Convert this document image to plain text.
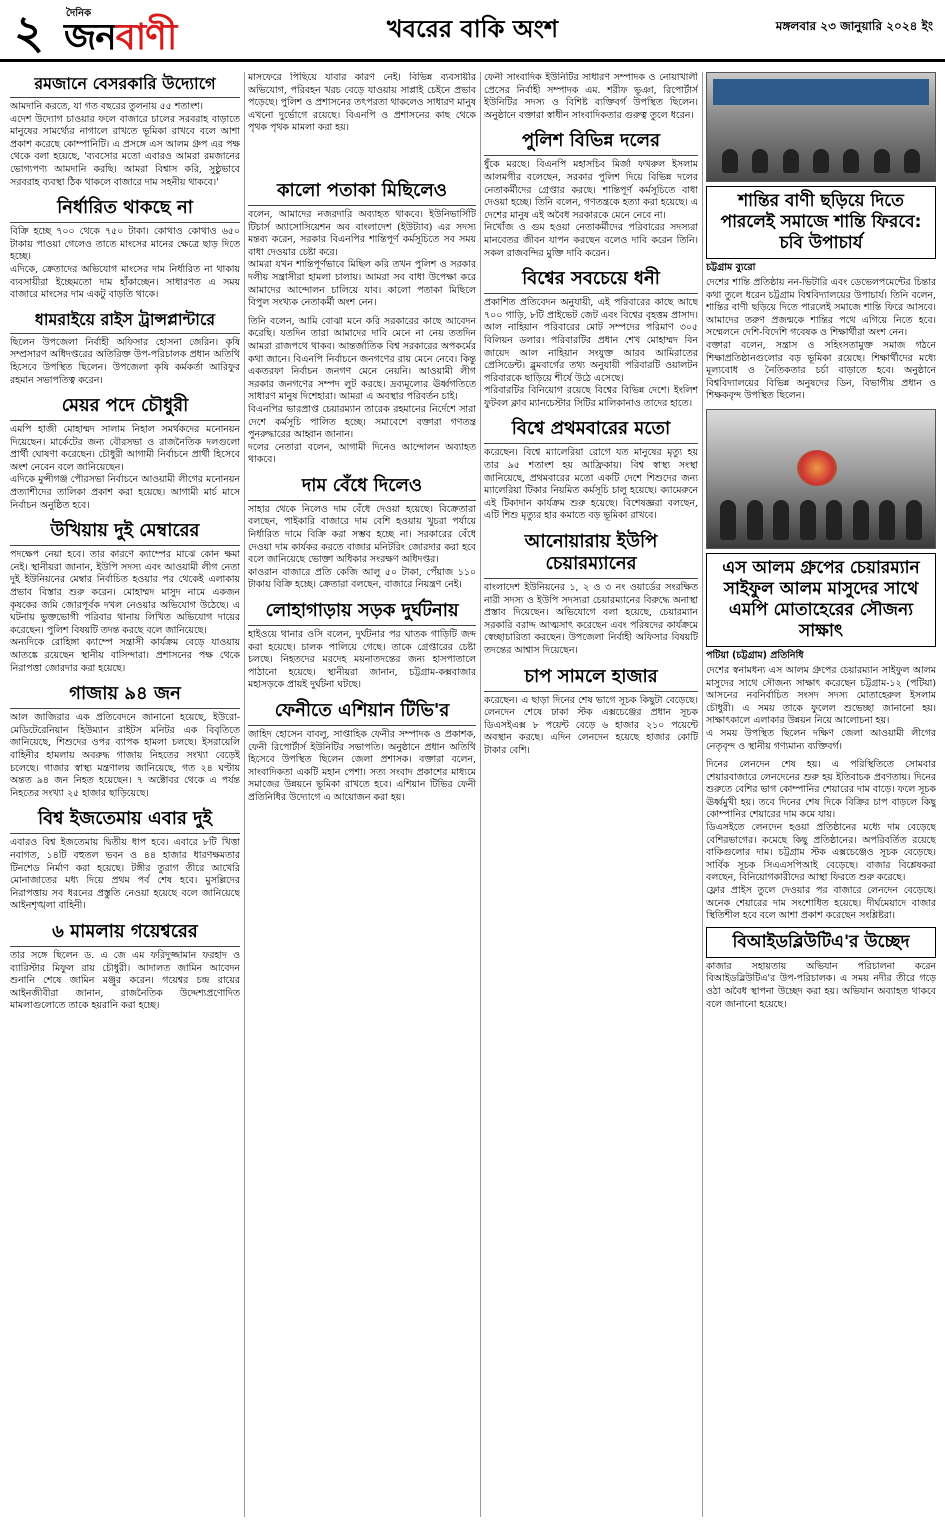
২ দৈনিক
জনবাণী	খবরের বাকি অংশ	মঙ্গলবার ২৩ জানুয়ারি ২০২৪ ইং
রমজানে বেসরকারি উদ্যোগে

আমদানি করতে, যা গত বছরের তুলনায় ৫৫ শতাংশ।
এদেশ উদ্যোগ চাওয়ার ফলে বাজারে চালের সরবরাহ বাড়াতে মানুষের সামর্থ্যের নাগালে রাখতে ভূমিকা রাখবে বলে আশা প্রকাশ করেছে কোম্পানিটি। এ প্রসঙ্গে এস আলম গ্রুপ এর পক্ষ থেকে বলা হয়েছে, 'ব্যবসাের মতো এবারও আমরা রমজানের ভোগ্যপণ্য আমদানি করছি। আমরা বিশ্বাস করি, সুষ্ঠুভাবে সরবরাহ ব্যবস্থা ঠিক থাকলে বাজারে দাম সহনীয় থাকবে।'

নির্ধারিত থাকছে না

বিক্রি হচ্ছে ৭০০ থেকে ৭৫০ টাকা। কোথাও কোথাও ৬৫০ টাকায় পাওয়া গেলেও তাতে মাংসের মানের ক্ষেত্রে ছাড় দিতে হচ্ছে।
এদিকে, ক্রেতাদের অভিযোগ মাংসের দাম নির্ধারিত না থাকায় ব্যবসায়ীরা ইচ্ছেমতো দাম হাঁকাচ্ছেন। সাধারণত এ সময় বাজারে মাংসের দাম একটু বাড়তি থাকে।

ধামরাইয়ে রাইস ট্রান্সপ্লান্টারে

ছিলেন উপজেলা নির্বাহী অফিসার হোসনা জেরিন। কৃষি সম্প্রসারণ অধিদপ্তরের অতিরিক্ত উপ-পরিচালক প্রধান অতিথি হিসেবে উপস্থিত ছিলেন। উপজেলা কৃষি কর্মকর্তা আরিফুর রহমান সভাপতিত্ব করেন।

মেয়র পদে চৌধুরী

এমপি হাজী মোহাম্মদ সালাম নিহাল সমর্থকদের মনোনয়ন দিয়েছেন। মার্কেটের জন্য বৌরসভা ও রাজনৈতিক দলগুলো প্রার্থী ঘোষণা করেছেন। চৌধুরী আগামী নির্বাচনে প্রার্থী হিসেবে অংশ নেবেন বলে জানিয়েছেন।
এদিকে মুন্সীগঞ্জ পৌরসভা নির্বাচনে আওয়ামী লীগের মনোনয়ন প্রত্যাশীদের তালিকা প্রকাশ করা হয়েছে। আগামী মার্চ মাসে নির্বাচন অনুষ্ঠিত হবে।

উখিয়ায় দুই মেম্বারের

পদক্ষেপ নেয়া হবে। তার কারণে ক্যাম্পের মাঝে কোন ক্ষমা নেই। স্থানীয়রা জানান, ইউপি সদস্য এবং আওয়ামী লীগ নেতা দুই ইউনিয়নের মেম্বার নির্বাচিত হওয়ার পর থেকেই এলাকায় প্রভাব বিস্তার শুরু করেন। মোহাম্মদ মাসুদ নামে একজন কৃষকের জমি জোরপূর্বক দখল নেওয়ার অভিযোগ উঠেছে। এ ঘটনায় ভুক্তভোগী পরিবার থানায় লিখিত অভিযোগ দায়ের করেছেন। পুলিশ বিষয়টি তদন্ত করছে বলে জানিয়েছে।
অন্যদিকে রোহিঙ্গা ক্যাম্পে সন্ত্রাসী কার্যক্রম বেড়ে যাওয়ায় আতঙ্কে রয়েছেন স্থানীয় বাসিন্দারা। প্রশাসনের পক্ষ থেকে নিরাপত্তা জোরদার করা হয়েছে।

গাজায় ৯৪ জন

আল জাজিরার এক প্রতিবেদনে জানানো হয়েছে, ইউরো-মেডিটেরেনিয়ান হিউম্যান রাইটস মনিটর এক বিবৃতিতে জানিয়েছে, শিশুদের ওপর ব্যাপক হামলা চলছে। ইসরায়েলি বাহিনীর হামলায় অবরুদ্ধ গাজায় নিহতের সংখ্যা বেড়েই চলেছে। গাজার স্বাস্থ্য মন্ত্রণালয় জানিয়েছে, গত ২৪ ঘণ্টায় অন্তত ৯৪ জন নিহত হয়েছেন। ৭ অক্টোবর থেকে এ পর্যন্ত নিহতের সংখ্যা ২৫ হাজার ছাড়িয়েছে।

বিশ্ব ইজতেমায় এবার দুই

এবারও বিশ্ব ইজতেমায় দ্বিতীয় ধাপ হবে। এবারে ৮টি খিত্তা নবাগত, ১৪টি বহুতল ভবন ও ৪৪ হাজার ধারণক্ষমতার টিনশেড নির্মাণ করা হয়েছে। টঙ্গীর তুরাগ তীরে আখেরি মোনাজাতের মধ্য দিয়ে প্রথম পর্ব শেষ হবে। মুসল্লিদের নিরাপত্তায় সব ধরনের প্রস্তুতি নেওয়া হয়েছে বলে জানিয়েছে আইনশৃঙ্খলা বাহিনী।

৬ মামলায় গয়েশ্বরের

তার সঙ্গে ছিলেন ড. এ জে এম ফরিদুজ্জামান ফরহাদ ও ব্যারিস্টার মিফুল রায় চৌধুরী। আদালত জামিন আবেদন শুনানি শেষে জামিন মঞ্জুর করেন। গয়েশ্বর চন্দ্র রায়ের আইনজীবীরা জানান, রাজনৈতিক উদ্দেশ্যপ্রণোদিত মামলাগুলোতে তাকে হয়রানি করা হচ্ছে।

মাসফেরে পিছিয়ে যাবার কারণ নেই। বিভিন্ন ব্যবসায়ীর অভিযোগ, পরিবহন খরচ বেড়ে যাওয়ায় সাপ্লাই চেইনে প্রভাব পড়েছে। পুলিশ ও প্রশাসনের তৎপরতা থাকলেও সাধারণ মানুষ এখনো দুর্ভোগে রয়েছে। বিএনপি ও প্রশাসনের কাছ থেকে পৃথক পৃথক মামলা করা হয়।

কালো পতাকা মিছিলেও

বলেন, আমাদের নজরদারি অব্যাহত থাকবে। ইউনিভার্সিটি টিচার্স অ্যাসোসিয়েশন অব বাংলাদেশ (ইউট্যাব) এর সদস্য মন্তব্য করেন, সরকার বিএনপির শান্তিপূর্ণ কর্মসূচিতে সব সময় বাধা দেওয়ার চেষ্টা করে।
আমরা যখন শান্তিপূর্ণভাবে মিছিল করি তখন পুলিশ ও সরকার দলীয় সন্ত্রাসীরা হামলা চালায়। আমরা সব বাধা উপেক্ষা করে আমাদের আন্দোলন চালিয়ে যাব। কালো পতাকা মিছিলে বিপুল সংখ্যক নেতাকর্মী অংশ নেন।

তিনি বলেন, আমি বোঝা মনে করি সরকারের কাছে আবেদন করেছি। যতদিন তারা আমাদের দাবি মেনে না নেয় ততদিন আমরা রাজপথে থাকব। আন্তর্জাতিক বিশ্ব সরকারের অপকর্মের কথা জানে। বিএনপি নির্বাচনে জনগণের রায় মেনে নেবে। কিন্তু একতরফা নির্বাচন জনগণ মেনে নেয়নি। আওয়ামী লীগ সরকার জনগণের সম্পদ লুট করছে। দ্রব্যমূল্যের ঊর্ধ্বগতিতে সাধারণ মানুষ দিশেহারা। আমরা এ অবস্থার পরিবর্তন চাই।
বিএনপির ভারপ্রাপ্ত চেয়ারম্যান তারেক রহমানের নির্দেশে সারা দেশে কর্মসূচি পালিত হচ্ছে। সমাবেশে বক্তারা গণতন্ত্র পুনরুদ্ধারের আহ্বান জানান।
দলের নেতারা বলেন, আগামী দিনেও আন্দোলন অব্যাহত থাকবে।

দাম বেঁধে দিলেও

সাহার থেকে নিলেও দাম বেঁধে দেওয়া হয়েছে। বিক্রেতারা বলছেন, পাইকারি বাজারে দাম বেশি হওয়ায় খুচরা পর্যায়ে নির্ধারিত দামে বিক্রি করা সম্ভব হচ্ছে না। সরকারের বেঁধে দেওয়া দাম কার্যকর করতে বাজার মনিটরিং জোরদার করা হবে বলে জানিয়েছে ভোক্তা অধিকার সংরক্ষণ অধিদপ্তর।
কাওরান বাজারে প্রতি কেজি আলু ৫০ টাকা, পেঁয়াজ ১১০ টাকায় বিক্রি হচ্ছে। ক্রেতারা বলছেন, বাজারে নিয়ন্ত্রণ নেই।

লোহাগাড়ায় সড়ক দুর্ঘটনায়

হাইওয়ে থানার ওসি বলেন, দুর্ঘটনার পর ঘাতক গাড়িটি জব্দ করা হয়েছে। চালক পালিয়ে গেছে। তাকে গ্রেপ্তারের চেষ্টা চলছে। নিহতদের মরদেহ ময়নাতদন্তের জন্য হাসপাতালে পাঠানো হয়েছে। স্থানীয়রা জানান, চট্টগ্রাম-কক্সবাজার মহাসড়কে প্রায়ই দুর্ঘটনা ঘটছে।

ফেনীতে এশিয়ান টিভি'র

জাহিদ হোসেন বাবলু, সাপ্তাহিক ফেনীর সম্পাদক ও প্রকাশক, ফেনী রিপোর্টার্স ইউনিটির সভাপতি। অনুষ্ঠানে প্রধান অতিথি হিসেবে উপস্থিত ছিলেন জেলা প্রশাসক। বক্তারা বলেন, সাংবাদিকতা একটি মহান পেশা। সত্য সংবাদ প্রকাশের মাধ্যমে সমাজের উন্নয়নে ভূমিকা রাখতে হবে। এশিয়ান টিভির ফেনী প্রতিনিধির উদ্যোগে এ আয়োজন করা হয়।

ফেনী সাংবাদিক ইউনিটির সাধারণ সম্পাদক ও নোয়াখালী প্রেসের নির্বাহী সম্পাদক এম. শরীফ ভূঞা, রিপোর্টার্স ইউনিটির সদস্য ও বিশিষ্ট ব্যক্তিবর্গ উপস্থিত ছিলেন। অনুষ্ঠানে বক্তারা স্বাধীন সাংবাদিকতার গুরুত্ব তুলে ধরেন।

পুলিশ বিভিন্ন দলের

ধুঁকে মরছে। বিএনপি মহাসচিব মির্জা ফখরুল ইসলাম আলমগীর বলেছেন, সরকার পুলিশ দিয়ে বিভিন্ন দলের নেতাকর্মীদের গ্রেপ্তার করছে। শান্তিপূর্ণ কর্মসূচিতে বাধা দেওয়া হচ্ছে। তিনি বলেন, গণতন্ত্রকে হত্যা করা হয়েছে। এ দেশের মানুষ এই অবৈধ সরকারকে মেনে নেবে না।
নিখোঁজ ও গুম হওয়া নেতাকর্মীদের পরিবারের সদস্যরা মানবেতর জীবন যাপন করছেন বলেও দাবি করেন তিনি। সকল রাজবন্দির মুক্তি দাবি করেন।

বিশ্বের সবচেয়ে ধনী

প্রকাশিত প্রতিবেদন অনুযায়ী, এই পরিবারের কাছে আছে ৭০০ গাড়ি, ৮টি প্রাইভেট জেট এবং বিশ্বের বৃহত্তম প্রাসাদ। আল নাহিয়ান পরিবারের মোট সম্পদের পরিমাণ ৩০৫ বিলিয়ন ডলার। পরিবারটির প্রধান শেখ মোহাম্মদ বিন জায়েদ আল নাহিয়ান সংযুক্ত আরব আমিরাতের প্রেসিডেন্ট। ব্লুমবার্গের তথ্য অনুযায়ী পরিবারটি ওয়ালটন পরিবারকে ছাড়িয়ে শীর্ষে উঠে এসেছে।
পরিবারটির বিনিয়োগ রয়েছে বিশ্বের বিভিন্ন দেশে। ইংলিশ ফুটবল ক্লাব ম্যানচেস্টার সিটির মালিকানাও তাদের হাতে।

বিশ্বে প্রথমবারের মতো

করেছেন। বিশ্বে ম্যালেরিয়া রোগে যত মানুষের মৃত্যু হয় তার ৯৫ শতাংশ হয় আফ্রিকায়। বিশ্ব স্বাস্থ্য সংস্থা জানিয়েছে, প্রথমবারের মতো একটি দেশে শিশুদের জন্য ম্যালেরিয়া টিকার নিয়মিত কর্মসূচি চালু হয়েছে। ক্যামেরুনে এই টিকাদান কার্যক্রম শুরু হয়েছে। বিশেষজ্ঞরা বলছেন, এটি শিশু মৃত্যুর হার কমাতে বড় ভূমিকা রাখবে।

আনোয়ারায় ইউপি চেয়ারম্যানের

বাংলাদেশ ইউনিয়নের ১, ২ ও ৩ নং ওয়ার্ডের সংরক্ষিত নারী সদস্য ও ইউপি সদস্যরা চেয়ারম্যানের বিরুদ্ধে অনাস্থা প্রস্তাব দিয়েছেন। অভিযোগে বলা হয়েছে, চেয়ারম্যান সরকারি বরাদ্দ আত্মসাৎ করেছেন এবং পরিষদের কার্যক্রমে স্বেচ্ছাচারিতা করছেন। উপজেলা নির্বাহী অফিসার বিষয়টি তদন্তের আশ্বাস দিয়েছেন।

চাপ সামলে হাজার

করেছেন। এ ছাড়া দিনের শেষ ভাগে সূচক কিছুটা বেড়েছে। লেনদেন শেষে ঢাকা স্টক এক্সচেঞ্জের প্রধান সূচক ডিএসইএক্স ৮ পয়েন্ট বেড়ে ৬ হাজার ২১০ পয়েন্টে অবস্থান করছে। এদিন লেনদেন হয়েছে হাজার কোটি টাকার বেশি।

শান্তির বাণী ছড়িয়ে দিতে পারলেই সমাজে শান্তি ফিরবে: চবি উপাচার্য
চট্টগ্রাম ব্যুরো

দেশের শান্তি প্রতিষ্ঠায় নন-ভিটারি এবং ডেভেলপমেন্টের চিন্তার কথা তুলে ধরেন চট্টগ্রাম বিশ্ববিদ্যালয়ের উপাচার্য। তিনি বলেন, শান্তির বাণী ছড়িয়ে দিতে পারলেই সমাজে শান্তি ফিরে আসবে। আমাদের তরুণ প্রজন্মকে শান্তির পথে এগিয়ে নিতে হবে। সম্মেলনে দেশি-বিদেশি গবেষক ও শিক্ষার্থীরা অংশ নেন।
বক্তারা বলেন, সন্ত্রাস ও সহিংসতামুক্ত সমাজ গঠনে শিক্ষাপ্রতিষ্ঠানগুলোর বড় ভূমিকা রয়েছে। শিক্ষার্থীদের মধ্যে মূল্যবোধ ও নৈতিকতার চর্চা বাড়াতে হবে। অনুষ্ঠানে বিশ্ববিদ্যালয়ের বিভিন্ন অনুষদের ডিন, বিভাগীয় প্রধান ও শিক্ষকবৃন্দ উপস্থিত ছিলেন।

এস আলম গ্রুপের চেয়ারম্যান সাইফুল আলম মাসুদের সাথে এমপি মোতাহেরের সৌজন্য সাক্ষাৎ
পটিয়া (চট্টগ্রাম) প্রতিনিধি

দেশের স্বনামধন্য এস আলম গ্রুপের চেয়ারম্যান সাইফুল আলম মাসুদের সাথে সৌজন্য সাক্ষাৎ করেছেন চট্টগ্রাম-১২ (পটিয়া) আসনের নবনির্বাচিত সংসদ সদস্য মোতাহেরুল ইসলাম চৌধুরী। এ সময় তাকে ফুলেল শুভেচ্ছা জানানো হয়। সাক্ষাৎকালে এলাকার উন্নয়ন নিয়ে আলোচনা হয়।
এ সময় উপস্থিত ছিলেন দক্ষিণ জেলা আওয়ামী লীগের নেতৃবৃন্দ ও স্থানীয় গণ্যমান্য ব্যক্তিবর্গ।

দিনের লেনদেন শেষ হয়। এ পরিস্থিতিতে সোমবার শেয়ারবাজারে লেনদেনের শুরু হয় ইতিবাচক প্রবণতায়। দিনের শুরুতে বেশির ভাগ কোম্পানির শেয়ারের দাম বাড়ে। ফলে সূচক ঊর্ধ্বমুখী হয়। তবে দিনের শেষ দিকে বিক্রির চাপ বাড়লে কিছু কোম্পানির শেয়ারের দাম কমে যায়।
ডিএসইতে লেনদেন হওয়া প্রতিষ্ঠানের মধ্যে দাম বেড়েছে বেশিরভাগের। কমেছে কিছু প্রতিষ্ঠানের। অপরিবর্তিত রয়েছে বাকিগুলোর দাম। চট্টগ্রাম স্টক এক্সচেঞ্জেও সূচক বেড়েছে। সার্বিক সূচক সিএএসপিআই বেড়েছে। বাজার বিশ্লেষকরা বলছেন, বিনিয়োগকারীদের আস্থা ফিরতে শুরু করেছে।
ফ্লোর প্রাইস তুলে দেওয়ার পর বাজারে লেনদেন বেড়েছে। অনেক শেয়ারের দাম সংশোধিত হয়েছে। দীর্ঘমেয়াদে বাজার স্থিতিশীল হবে বলে আশা প্রকাশ করেছেন সংশ্লিষ্টরা।

বিআইডব্লিউটিএ'র উচ্ছেদ

কাজার সহায়তায় অভিযান পরিচালনা করেন বিআইডব্লিউটিএ'র উপ-পরিচালক। এ সময় নদীর তীরে গড়ে ওঠা অবৈধ স্থাপনা উচ্ছেদ করা হয়। অভিযান অব্যাহত থাকবে বলে জানানো হয়েছে।
